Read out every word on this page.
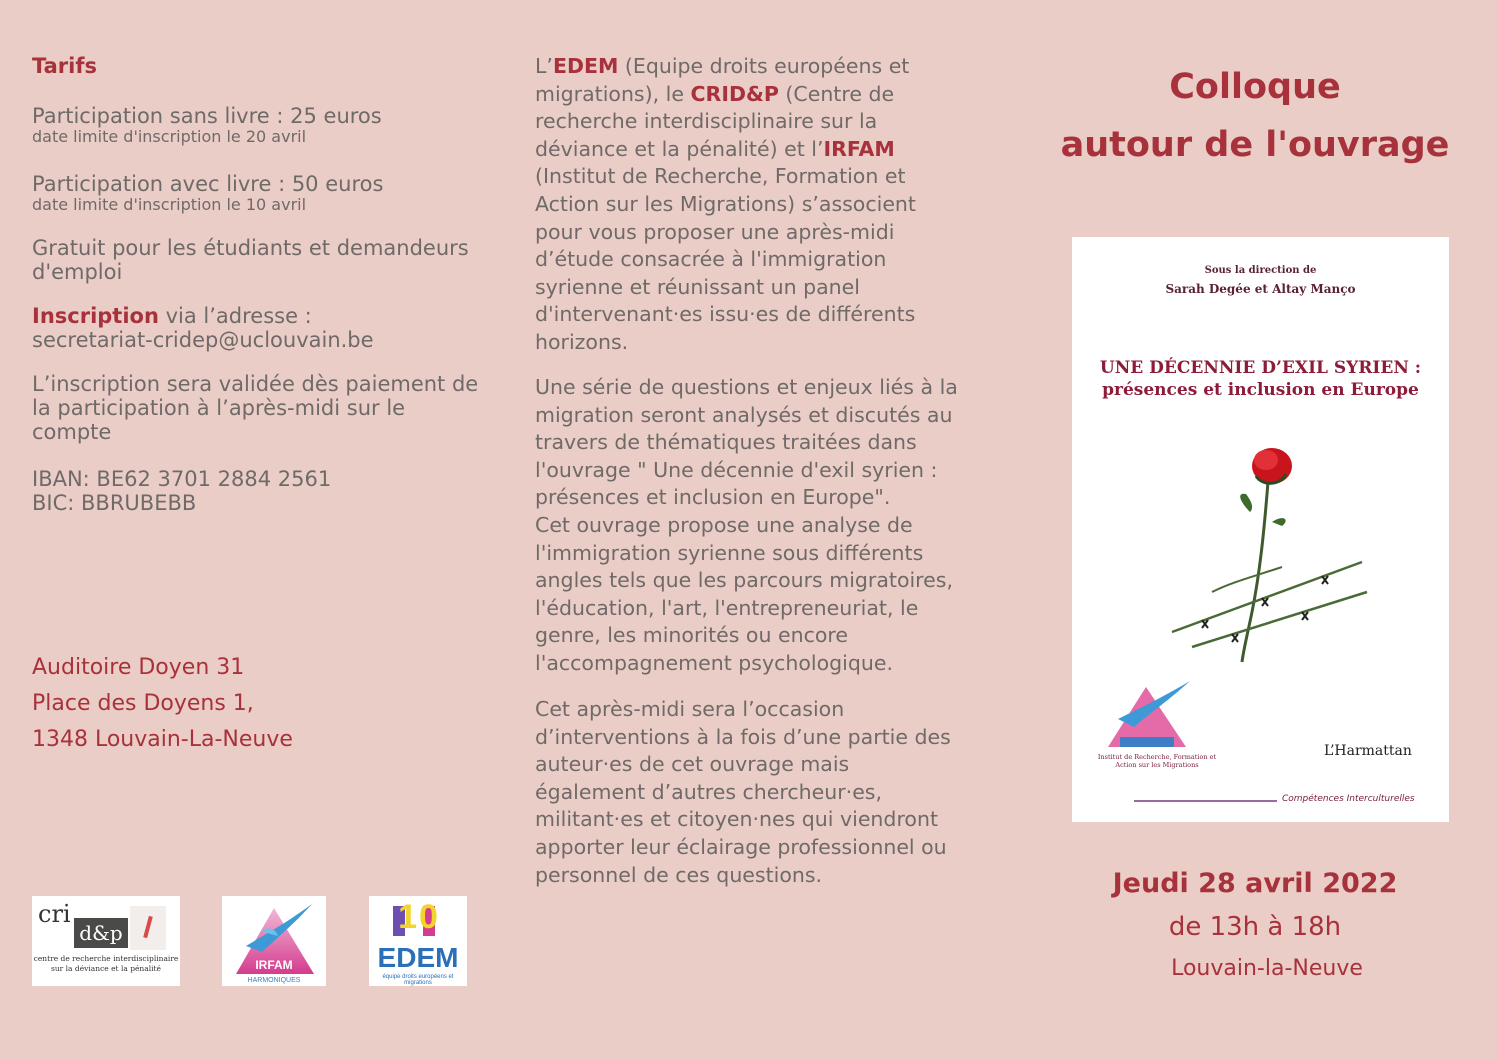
Tarifs
Participation sans livre : 25 euros
date limite d'inscription le 20 avril
Participation avec livre : 50 euros
date limite d'inscription le 10 avril
Gratuit pour les étudiants et demandeurs
d'emploi
Inscription via l’adresse :
secretariat-cridep@uclouvain.be
L’inscription sera validée dès paiement de
la participation à l’après-midi sur le
compte
IBAN: BE62 3701 2884 2561
BIC: BBRUBEBB
Auditoire Doyen 31
Place des Doyens 1,
1348 Louvain-La-Neuve
cri
d&p
centre de recherche interdisciplinaire
sur la déviance et la pénalité	IRFAM
HARMONIQUES
10
EDEM
équipe droits européens et migrations

L’EDEM (Equipe droits européens et migrations), le CRID&P (Centre de recherche interdisciplinaire sur la déviance et la pénalité) et l’IRFAM (Institut de Recherche, Formation et Action sur les Migrations) s’associent pour vous proposer une après-midi d’étude consacrée à l'immigration syrienne et réunissant un panel d'intervenant·es issu·es de différents horizons.

Une série de questions et enjeux liés à la migration seront analysés et discutés au travers de thématiques traitées dans l'ouvrage " Une décennie d'exil syrien : présences et inclusion en Europe".
Cet ouvrage propose une analyse de l'immigration syrienne sous différents angles tels que les parcours migratoires, l'éducation, l'art, l'entrepreneuriat, le genre, les minorités ou encore l'accompagnement psychologique.

Cet après-midi sera l’occasion d’interventions à la fois d’une partie des auteur·es de cet ouvrage mais également d’autres chercheur·es, militant·es et citoyen·nes qui viendront apporter leur éclairage professionnel ou personnel de ces questions.

Colloque
autour de l'ouvrage
Sous la direction de
Sarah Degée et Altay Manço
UNE DÉCENNIE D’EXIL SYRIEN :
présences et inclusion en Europe
Institut de Recherche, Formation et Action sur les Migrations
L’Harmattan
Compétences Interculturelles
Jeudi 28 avril 2022
de 13h à 18h
Louvain-la-Neuve
